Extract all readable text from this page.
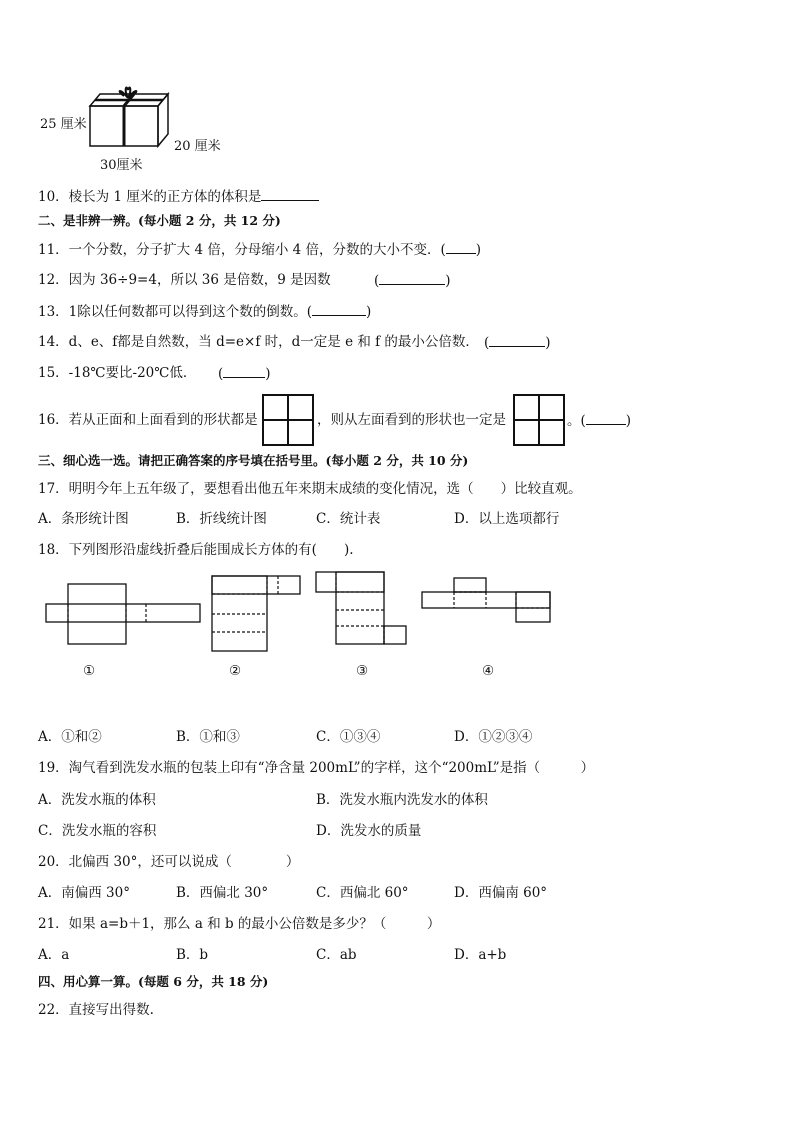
25 厘米
30厘米
20 厘米
10．棱长为 1 厘米的正方体的体积是
二、是非辨一辨。(每小题 2 分，共 12 分)
11．一个分数，分子扩大 4 倍，分母缩小 4 倍，分数的大小不变．( )
12．因为 36÷9=4，所以 36 是倍数，9 是因数	(	)
13．1除以任何数都可以得到这个数的倒数。(	)
14．d、e、f都是自然数，当 d=e×f 时，d一定是 e 和 f 的最小公倍数． (	)
15．-18℃要比-20℃低． (	)
16．若从正面和上面看到的形状都是	，则从左面看到的形状也一定是	。(	)
三、细心选一选。请把正确答案的序号填在括号里。(每小题 2 分，共 10 分)
17．明明今年上五年级了，要想看出他五年来期末成绩的变化情况，选（　　）比较直观。
A．条形统计图	B．折线统计图	C．统计表	D．以上选项都行
18．下列图形沿虚线折叠后能围成长方体的有(　　).
①	②	③	④
A．①和②	B．①和③	C．①③④	D．①②③④
19．淘气看到洗发水瓶的包装上印有“净含量 200mL”的字样，这个“200mL”是指（　　　）
A．洗发水瓶的体积	B．洗发水瓶内洗发水的体积
C．洗发水瓶的容积	D．洗发水的质量
20．北偏西 30°，还可以说成（　　　　）
A．南偏西 30°	B．西偏北 30°	C．西偏北 60°	D．西偏南 60°
21．如果 a=b＋1，那么 a 和 b 的最小公倍数是多少？（　　　）
A．a	B．b	C．ab	D．a+b
四、用心算一算。(每题 6 分，共 18 分)
22．直接写出得数.
